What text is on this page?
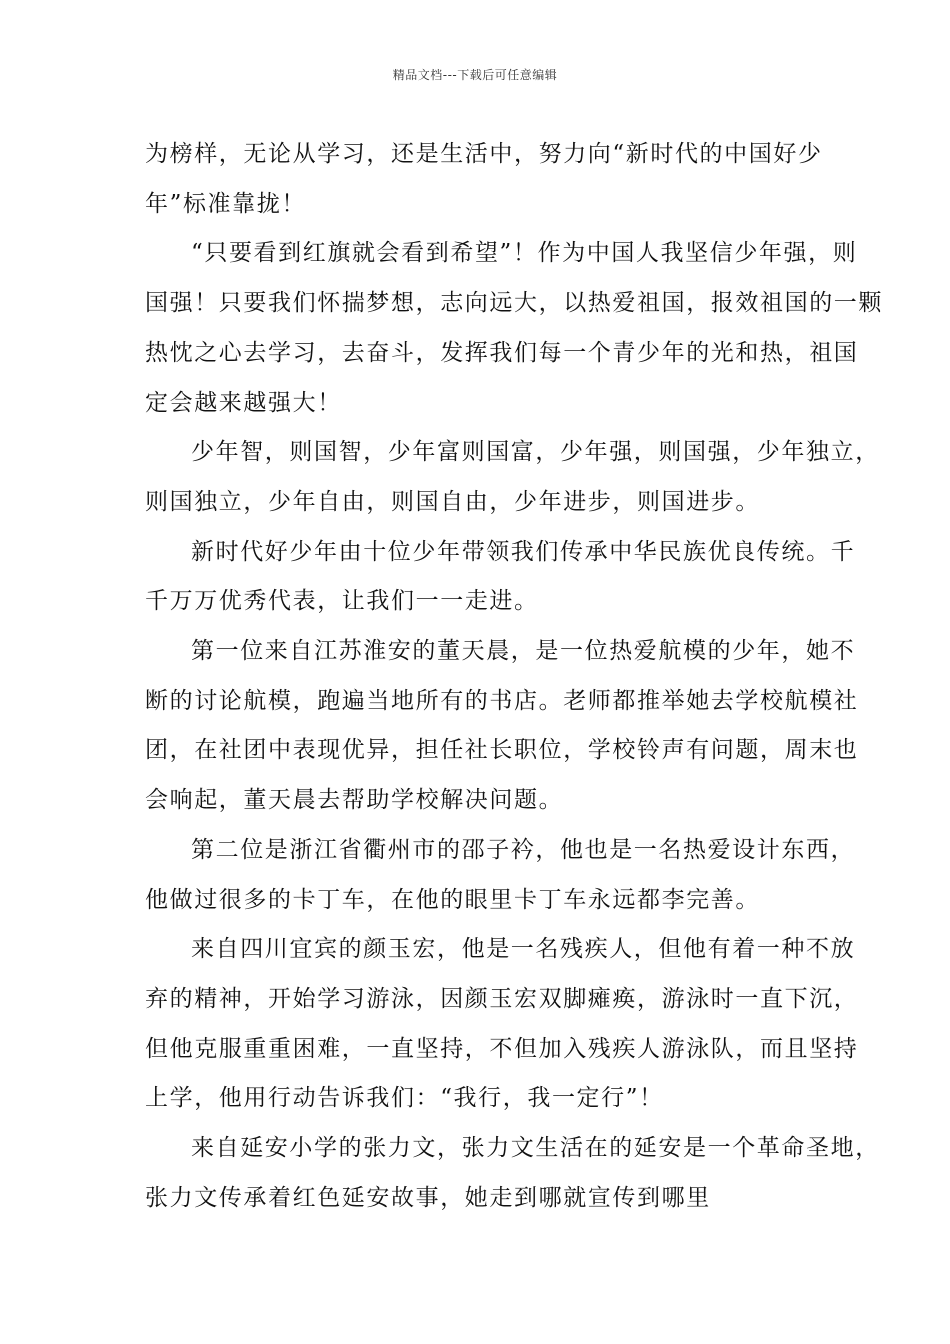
精品文档---下载后可任意编辑

为榜样，无论从学习，还是生活中，努力向“新时代的中国好少
年”标准靠拢！

“只要看到红旗就会看到希望”！作为中国人我坚信少年强，则
国强！只要我们怀揣梦想，志向远大，以热爱祖国，报效祖国的一颗
热忱之心去学习，去奋斗，发挥我们每一个青少年的光和热，祖国
定会越来越强大！

少年智，则国智，少年富则国富，少年强，则国强，少年独立，
则国独立，少年自由，则国自由，少年进步，则国进步。

新时代好少年由十位少年带领我们传承中华民族优良传统。千
千万万优秀代表，让我们一一走进。

第一位来自江苏淮安的董天晨，是一位热爱航模的少年，她不
断的讨论航模，跑遍当地所有的书店。老师都推举她去学校航模社
团，在社团中表现优异，担任社长职位，学校铃声有问题，周末也
会响起，董天晨去帮助学校解决问题。

第二位是浙江省衢州市的邵子衿，他也是一名热爱设计东西，
他做过很多的卡丁车，在他的眼里卡丁车永远都李完善。

来自四川宜宾的颜玉宏，他是一名残疾人，但他有着一种不放
弃的精神，开始学习游泳，因颜玉宏双脚瘫痪，游泳时一直下沉，
但他克服重重困难，一直坚持，不但加入残疾人游泳队，而且坚持
上学，他用行动告诉我们：“我行，我一定行”！

来自延安小学的张力文，张力文生活在的延安是一个革命圣地，
张力文传承着红色延安故事，她走到哪就宣传到哪里
